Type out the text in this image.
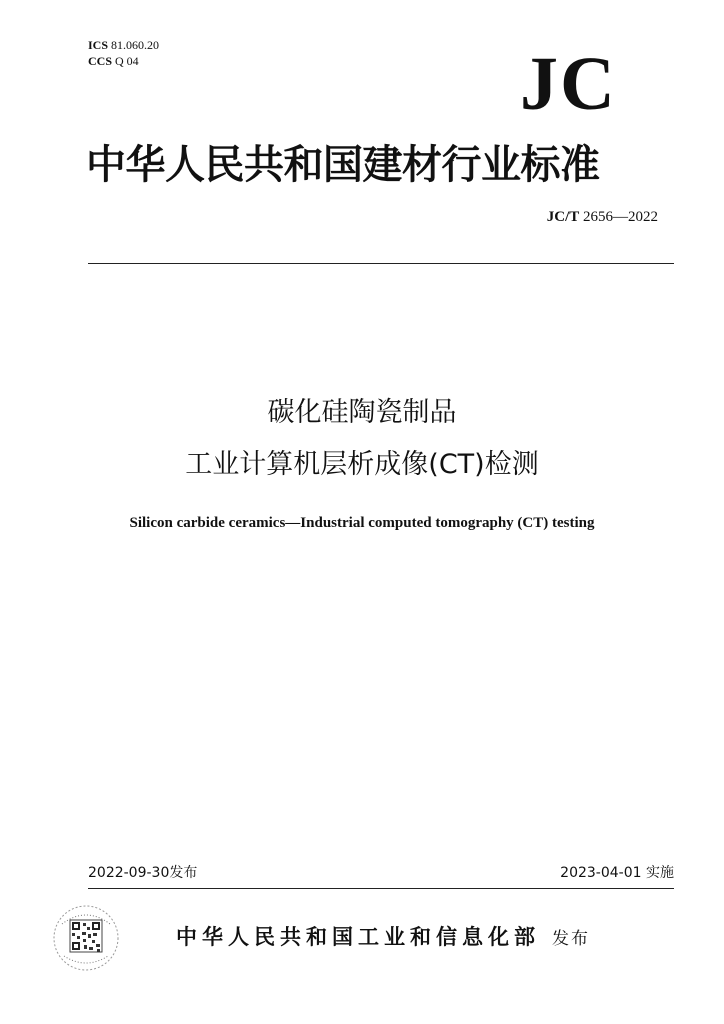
ICS 81.060.20
CCS Q 04	JC
中华人民共和国建材行业标准
JC/T 2656—2022
碳化硅陶瓷制品
工业计算机层析成像(CT)检测
Silicon carbide ceramics—Industrial computed tomography (CT) testing
2022-09-30发布	2023-04-01 实施
中华人民共和国工业和信息化部 发布
